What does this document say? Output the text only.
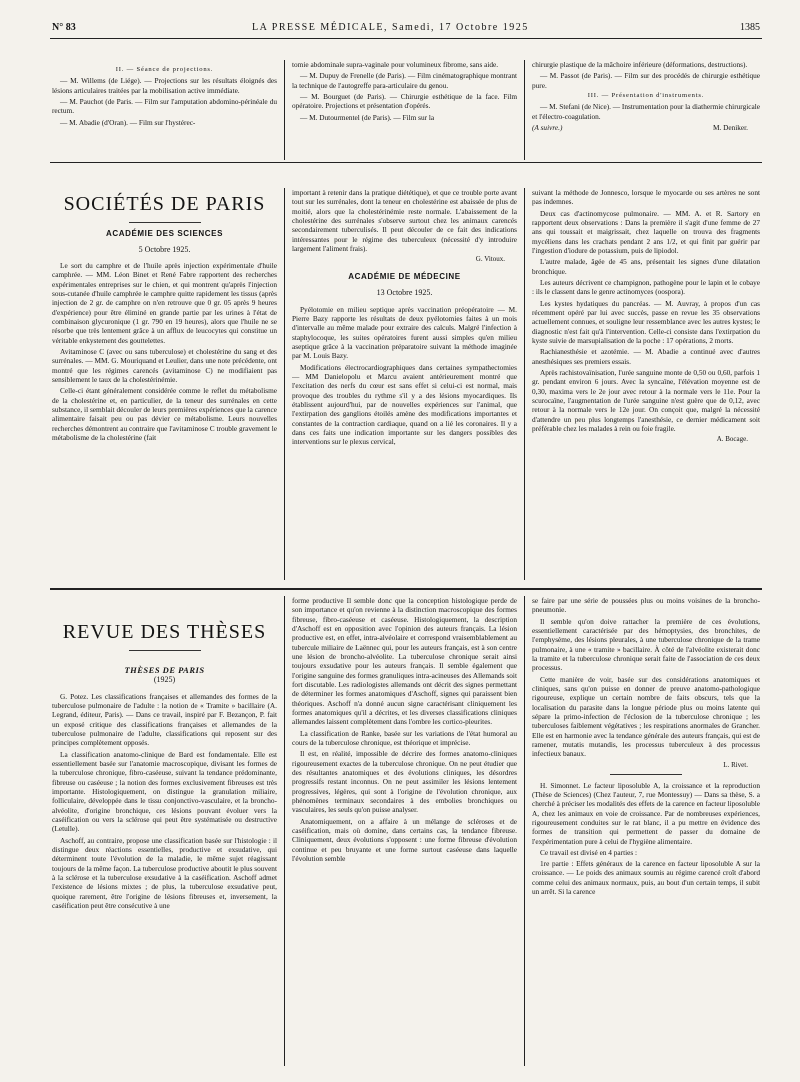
N° 83	LA PRESSE MÉDICALE, Samedi, 17 Octobre 1925	1385

II. — Séance de projections.

— M. Willems (de Liége). — Projections sur les résultats éloignés des lésions articulaires traitées par la mobilisation active immédiate.

— M. Pauchot (de Paris. — Film sur l'amputation abdomino-périnéale du rectum.

— M. Abadie (d'Oran). — Film sur l'hystérec-

tomie abdominale supra-vaginale pour volumineux fibrome, sans aide.

— M. Dupuy de Frenelle (de Paris). — Film cinématographique montrant la technique de l'autogreffe para-articulaire du genou.

— M. Bourguet (de Paris). — Chirurgie esthétique de la face. Film opératoire. Projections et présentation d'opérés.

— M. Dutourmentel (de Paris). — Film sur la

chirurgie plastique de la mâchoire inférieure (déformations, destructions).

— M. Passot (de Paris). — Film sur des procédés de chirurgie esthétique pure.

III. — Présentation d'instruments.

— M. Stefani (de Nice). — Instrumentation pour la diathermie chirurgicale et l'électro-coagulation.

(A suivre.)	M. Deniker.

SOCIÉTÉS DE PARIS
ACADÉMIE DES SCIENCES
5 Octobre 1925.

Le sort du camphre et de l'huile après injection expérimentale d'huile camphrée. — MM. Léon Binet et René Fabre rapportent des recherches expérimentales entreprises sur le chien, et qui montrent qu'après l'injection sous-cutanée d'huile camphrée le camphre quitte rapidement les tissus (après injection de 2 gr. de camphre on n'en retrouve que 0 gr. 05 après 9 heures d'expérience) pour être éliminé en grande partie par les urines à l'état de combinaison glycuronique (1 gr. 790 en 19 heures), alors que l'huile ne se résorbe que très lentement grâce à un afflux de leucocytes qui constitue un véritable enkystement des gouttelettes.

Avitaminose C (avec ou sans tuberculose) et cholestérine du sang et des surrénales. — MM. G. Mouriquand et Leulier, dans une note précédente, ont montré que les régimes carencés (avitaminose C) ne modifiaient pas sensiblement le taux de la cholestérinémie.

Celle-ci étant généralement considérée comme le reflet du métabolisme de la cholestérine et, en particulier, de la teneur des surrénales en cette substance, il semblait découler de leurs premières expériences que la carence alimentaire faisait peu ou pas dévier ce métabolisme. Leurs nouvelles recherches démontrent au contraire que l'avitaminose C trouble gravement le métabolisme de la cholestérine (fait

important à retenir dans la pratique diététique), et que ce trouble porte avant tout sur les surrénales, dont la teneur en cholestérine est abaissée de plus de moitié, alors que la cholestérinémie reste normale. L'abaissement de la cholestérine des surrénales s'observe surtout chez les animaux carencés secondairement tuberculisés. Il peut découler de ce fait des indications intéressantes pour le régime des tuberculeux (nécessité d'y introduire largement l'aliment frais).

G. Vitoux.
ACADÉMIE DE MÉDECINE
13 Octobre 1925.

Pyélotomie en milieu septique après vaccination préopératoire — M. Pierre Bazy rapporte les résultats de deux pyélotomies faites à un mois d'intervalle au même malade pour extraire des calculs. Malgré l'infection à staphylocoque, les suites opératoires furent aussi simples qu'en milieu aseptique grâce à la vaccination préparatoire suivant la méthode imaginée par M. Louis Bazy.

Modifications électrocardiographiques dans certaines sympathectomies — MM Danielopolu et Marcu avaient antérieurement montré que l'excitation des nerfs du cœur est sans effet si celui-ci est normal, mais provoque des troubles du rythme s'il y a des lésions myocardiques. Ils établissent aujourd'hui, par de nouvelles expériences sur l'animal, que l'extirpation des ganglions étoilés amène des modifications importantes et constantes de la contraction cardiaque, quand on a lié les coronaires. Il y a dans ces faits une indication importante sur les dangers possibles des interventions sur le plexus cervical,

suivant la méthode de Jonnesco, lorsque le myocarde ou ses artères ne sont pas indemnes.

Deux cas d'actinomycose pulmonaire. — MM. A. et R. Sartory en rapportent deux observations : Dans la première il s'agit d'une femme de 27 ans qui toussait et maigrissait, chez laquelle on trouva des fragments mycéliens dans les crachats pendant 2 ans 1/2, et qui finit par guérir par l'ingestion d'iodure de potassium, puis de lipiodol.

L'autre malade, âgée de 45 ans, présentait les signes d'une dilatation bronchique.

Les auteurs décrivent ce champignon, pathogène pour le lapin et le cobaye : ils le classent dans le genre actinomyces (oospora).

Les kystes hydatiques du pancréas. — M. Auvray, à propos d'un cas récemment opéré par lui avec succès, passe en revue les 35 observations actuellement connues, et souligne leur ressemblance avec les autres kystes; le diagnostic n'est fait qu'à l'intervention. Celle-ci consiste dans l'extirpation du kyste suivie de marsupialisation de la poche : 17 opérations, 2 morts.

Rachianesthésie et azotémie. — M. Abadie a continué avec d'autres anesthésiques ses premiers essais.

Après rachistovaïnisation, l'urée sanguine monte de 0,50 ou 0,60, parfois 1 gr. pendant environ 6 jours. Avec la syncaïne, l'élévation moyenne est de 0,30, maxima vers le 2e jour avec retour à la normale vers le 11e. Pour la scurocaïne, l'augmentation de l'urée sanguine n'est guère que de 0,12, avec retour à la normale vers le 12e jour. On conçoit que, malgré la nécessité d'attendre un peu plus longtemps l'anesthésie, ce dernier médicament soit préférable chez les malades à rein ou foie fragile.

A. Bocage.
REVUE DES THÈSES
THÈSES DE PARIS
(1925)

G. Potez. Les classifications françaises et allemandes des formes de la tuberculose pulmonaire de l'adulte : la notion de « Tramite » bacillaire (A. Legrand, éditeur, Paris). — Dans ce travail, inspiré par F. Bezançon, P. fait un exposé critique des classifications françaises et allemandes de la tuberculose pulmonaire de l'adulte, classifications qui reposent sur des principes complètement opposés.

La classification anatomo-clinique de Bard est fondamentale. Elle est essentiellement basée sur l'anatomie macroscopique, divisant les formes de la tuberculose chronique, fibro-caséeuse, suivant la tendance prédominante, fibreuse ou caséeuse ; la notion des formes exclusivement fibreuses est très importante. Histologiquement, on distingue la granulation miliaire, folliculaire, développée dans le tissu conjonctivo-vasculaire, et la broncho-alvéolite, d'origine bronchique, ces lésions pouvant évoluer vers la caséification ou vers la sclérose qui peut être systématisée ou destructive (Letulle).

Aschoff, au contraire, propose une classification basée sur l'histologie : il distingue deux réactions essentielles, productive et exsudative, qui déterminent toute l'évolution de la maladie, le même sujet réagissant toujours de la même façon. La tuberculose productive aboutit le plus souvent à la sclérose et la tuberculose exsudative à la caséification. Aschoff admet l'existence de lésions mixtes ; de plus, la tuberculose exsudative peut, quoique rarement, être l'origine de lésions fibreuses et, inversement, la caséification peut être consécutive à une

forme productive Il semble donc que la conception histologique perde de son importance et qu'on revienne à la distinction macroscopique des formes fibreuse, fibro-caséeuse et caséeuse. Histologiquement, la description d'Aschoff est en opposition avec l'opinion des auteurs français. La lésion productive est, en effet, intra-alvéolaire et correspond vraisemblablement au tubercule miliaire de Laënnec qui, pour les auteurs français, est à son centre une lésion de broncho-alvéolite. La tuberculose chronique serait ainsi toujours exsudative pour les auteurs français. Il semble également que l'origine sanguine des formes granuliques intra-acineuses des Allemands soit fort discutable. Les radiologistes allemands ont décrit des signes permettant de déterminer les formes anatomiques d'Aschoff, signes qui paraissent bien théoriques. Aschoff n'a donné aucun signe caractérisant cliniquement les formes anatomiques qu'il a décrites, et les diverses classifications cliniques allemandes laissent complètement dans l'ombre les cortico-pleurites.

La classification de Ranke, basée sur les variations de l'état humoral au cours de la tuberculose chronique, est théorique et imprécise.

Il est, en réalité, impossible de décrire des formes anatomo-cliniques rigoureusement exactes de la tuberculose chronique. On ne peut étudier que des résultantes anatomiques et des évolutions cliniques, les désordres progressifs restant inconnus. On ne peut assimiler les lésions lentement progressives, légères, qui sont à l'origine de l'évolution chronique, aux phénomènes terminaux secondaires à des embolies bronchiques ou vasculaires, les seuls qu'on puisse analyser.

Anatomiquement, on a affaire à un mélange de scléroses et de caséification, mais où domine, dans certains cas, la tendance fibreuse. Cliniquement, deux évolutions s'opposent : une forme fibreuse d'évolution continue et peu bruyante et une forme surtout caséeuse dans laquelle l'évolution semble

se faire par une série de poussées plus ou moins voisines de la broncho-pneumonie.

Il semble qu'on doive rattacher la première de ces évolutions, essentiellement caractérisée par des hémoptysies, des bronchites, de l'emphysème, des lésions pleurales, à une tuberculose chronique de la trame pulmonaire, à une « tramite » bacillaire. À côté de l'alvéolite existerait donc la tramite et la tuberculose chronique serait faite de l'association de ces deux processus.

Cette manière de voir, basée sur des considérations anatomiques et cliniques, sans qu'on puisse en donner de preuve anatomo-pathologique rigoureuse, explique un certain nombre de faits obscurs, tels que la localisation du parasite dans la longue période plus ou moins latente qui sépare la primo-infection de l'éclosion de la tuberculose chronique ; les tuberculoses faiblement végétatives ; les respirations anormales de Grancher. Elle est en harmonie avec la tendance générale des auteurs français, qui est de ramener, mutatis mutandis, les processus tuberculeux à des processus infectieux banaux.

L. Rivet.

H. Simonnet. Le facteur liposoluble A, la croissance et la reproduction (Thèse de Sciences) (Chez l'auteur, 7, rue Montessuy) — Dans sa thèse, S. a cherché à préciser les modalités des effets de la carence en facteur liposoluble A, chez les animaux en voie de croissance. Par de nombreuses expériences, rigoureusement conduites sur le rat blanc, il a pu mettre en évidence des formes de transition qui permettent de passer du domaine de l'expérimentation pure à celui de l'hygiène alimentaire.

Ce travail est divisé en 4 parties :

1re partie : Effets généraux de la carence en facteur liposoluble A sur la croissance. — Le poids des animaux soumis au régime carencé croît d'abord comme celui des animaux normaux, puis, au bout d'un certain temps, il subit un arrêt. Si la carence
